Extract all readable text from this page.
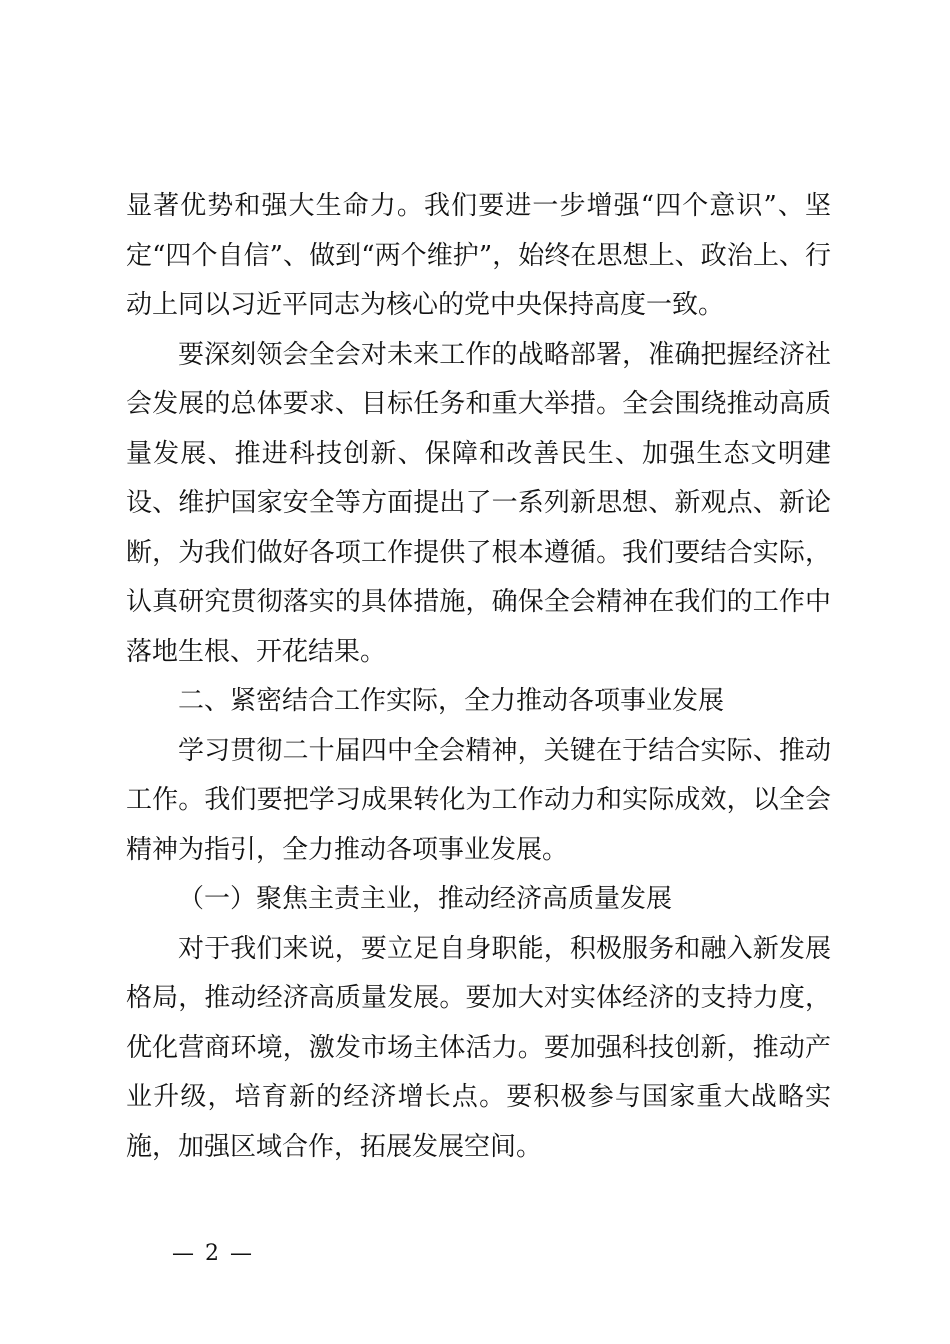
显著优势和强大生命力。我们要进一步增强“四个意识”、坚定“四个自信”、做到“两个维护”，始终在思想上、政治上、行动上同以习近平同志为核心的党中央保持高度一致。

要深刻领会全会对未来工作的战略部署，准确把握经济社会发展的总体要求、目标任务和重大举措。全会围绕推动高质量发展、推进科技创新、保障和改善民生、加强生态文明建设、维护国家安全等方面提出了一系列新思想、新观点、新论断，为我们做好各项工作提供了根本遵循。我们要结合实际，认真研究贯彻落实的具体措施，确保全会精神在我们的工作中落地生根、开花结果。

二、紧密结合工作实际，全力推动各项事业发展

学习贯彻二十届四中全会精神，关键在于结合实际、推动工作。我们要把学习成果转化为工作动力和实际成效，以全会精神为指引，全力推动各项事业发展。

（一）聚焦主责主业，推动经济高质量发展

对于我们来说，要立足自身职能，积极服务和融入新发展格局，推动经济高质量发展。要加大对实体经济的支持力度，优化营商环境，激发市场主体活力。要加强科技创新，推动产业升级，培育新的经济增长点。要积极参与国家重大战略实施，加强区域合作，拓展发展空间。

— 2 —
